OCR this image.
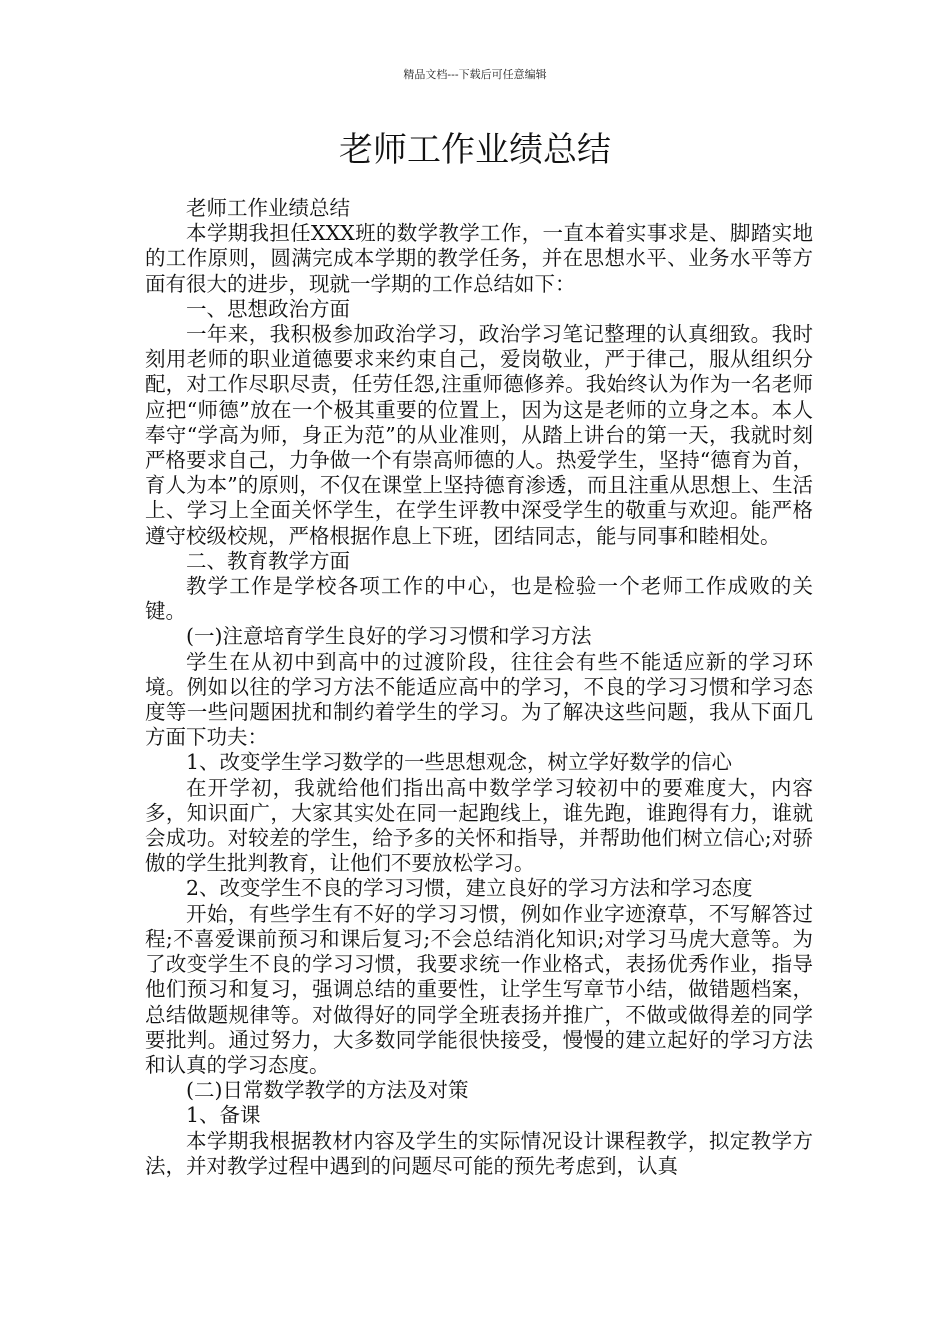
精品文档---下载后可任意编辑
老师工作业绩总结

老师工作业绩总结

本学期我担任XXX班的数学教学工作，一直本着实事求是、脚踏实地的工作原则，圆满完成本学期的教学任务，并在思想水平、业务水平等方面有很大的进步，现就一学期的工作总结如下：

一、思想政治方面

一年来，我积极参加政治学习，政治学习笔记整理的认真细致。我时刻用老师的职业道德要求来约束自己，爱岗敬业，严于律己，服从组织分配，对工作尽职尽责，任劳任怨,注重师德修养。我始终认为作为一名老师应把“师德”放在一个极其重要的位置上，因为这是老师的立身之本。本人奉守“学高为师，身正为范”的从业准则，从踏上讲台的第一天，我就时刻严格要求自己，力争做一个有崇高师德的人。热爱学生，坚持“德育为首，育人为本”的原则，不仅在课堂上坚持德育渗透，而且注重从思想上、生活上、学习上全面关怀学生，在学生评教中深受学生的敬重与欢迎。能严格遵守校级校规，严格根据作息上下班，团结同志，能与同事和睦相处。

二、教育教学方面

教学工作是学校各项工作的中心，也是检验一个老师工作成败的关键。

(一)注意培育学生良好的学习习惯和学习方法

学生在从初中到高中的过渡阶段，往往会有些不能适应新的学习环境。例如以往的学习方法不能适应高中的学习，不良的学习习惯和学习态度等一些问题困扰和制约着学生的学习。为了解决这些问题，我从下面几方面下功夫：

1、改变学生学习数学的一些思想观念，树立学好数学的信心

在开学初，我就给他们指出高中数学学习较初中的要难度大，内容多，知识面广，大家其实处在同一起跑线上，谁先跑，谁跑得有力，谁就会成功。对较差的学生，给予多的关怀和指导，并帮助他们树立信心;对骄傲的学生批判教育，让他们不要放松学习。

2、改变学生不良的学习习惯，建立良好的学习方法和学习态度

开始，有些学生有不好的学习习惯，例如作业字迹潦草，不写解答过程;不喜爱课前预习和课后复习;不会总结消化知识;对学习马虎大意等。为了改变学生不良的学习习惯，我要求统一作业格式，表扬优秀作业，指导他们预习和复习，强调总结的重要性，让学生写章节小结，做错题档案，总结做题规律等。对做得好的同学全班表扬并推广，不做或做得差的同学要批判。通过努力，大多数同学能很快接受，慢慢的建立起好的学习方法和认真的学习态度。

(二)日常数学教学的方法及对策

1、备课

本学期我根据教材内容及学生的实际情况设计课程教学，拟定教学方法，并对教学过程中遇到的问题尽可能的预先考虑到，认真
